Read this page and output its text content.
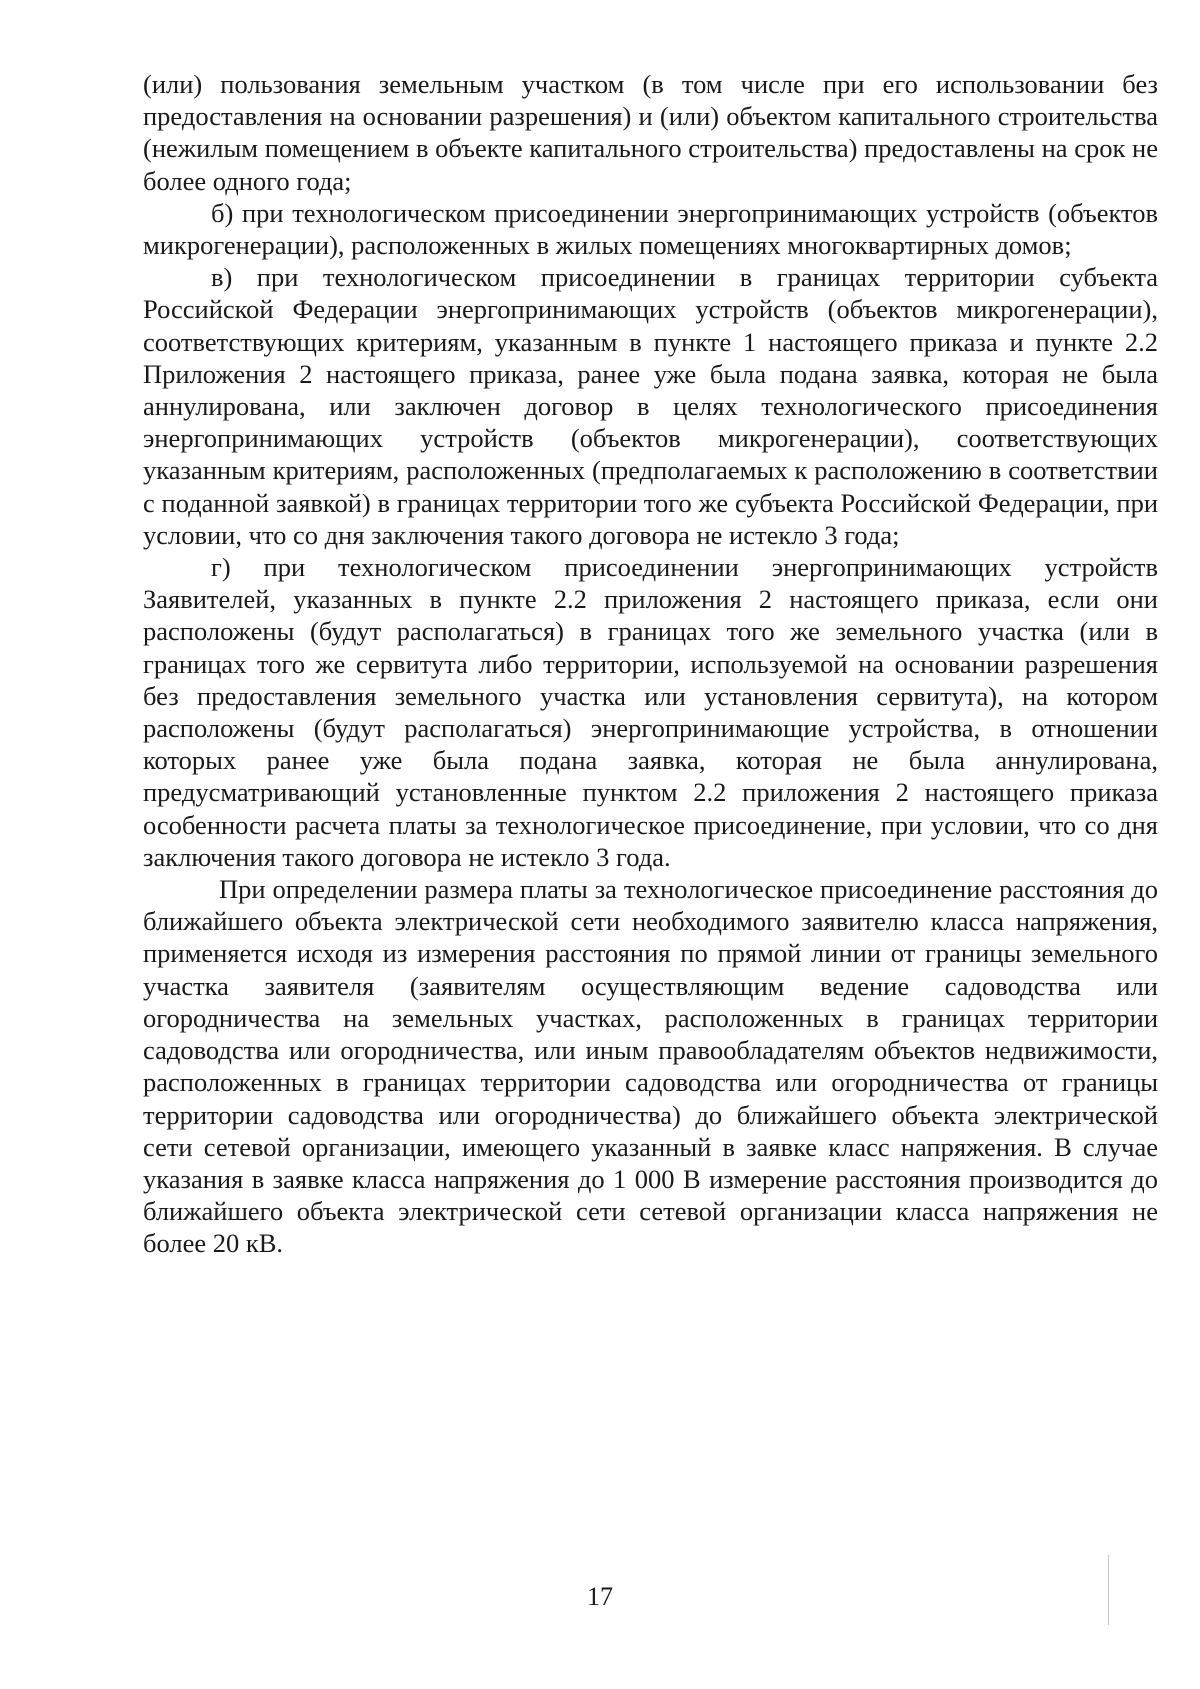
(или) пользования земельным участком (в том числе при его использовании без предоставления на основании разрешения) и (или) объектом капитального строительства (нежилым помещением в объекте капитального строительства) предоставлены на срок не более одного года;

б) при технологическом присоединении энергопринимающих устройств (объектов микрогенерации), расположенных в жилых помещениях многоквартирных домов;

в) при технологическом присоединении в границах территории субъекта Российской Федерации энергопринимающих устройств (объектов микрогенерации), соответствующих критериям, указанным в пункте 1 настоящего приказа и пункте 2.2 Приложения 2 настоящего приказа, ранее уже была подана заявка, которая не была аннулирована, или заключен договор в целях технологического присоединения энергопринимающих устройств (объектов микрогенерации), соответствующих указанным критериям, расположенных (предполагаемых к расположению в соответствии с поданной заявкой) в границах территории того же субъекта Российской Федерации, при условии, что со дня заключения такого договора не истекло 3 года;

г) при технологическом присоединении энергопринимающих устройств Заявителей, указанных в пункте 2.2 приложения 2 настоящего приказа, если они расположены (будут располагаться) в границах того же земельного участка (или в границах того же сервитута либо территории, используемой на основании разрешения без предоставления земельного участка или установления сервитута), на котором расположены (будут располагаться) энергопринимающие устройства, в отношении которых ранее уже была подана заявка, которая не была аннулирована, предусматривающий установленные пунктом 2.2 приложения 2 настоящего приказа особенности расчета платы за технологическое присоединение, при условии, что со дня заключения такого договора не истекло 3 года.

При определении размера платы за технологическое присоединение расстояния до ближайшего объекта электрической сети необходимого заявителю класса напряжения, применяется исходя из измерения расстояния по прямой линии от границы земельного участка заявителя (заявителям осуществляющим ведение садоводства или огородничества на земельных участках, расположенных в границах территории садоводства или огородничества, или иным правообладателям объектов недвижимости, расположенных в границах территории садоводства или огородничества от границы территории садоводства или огородничества) до ближайшего объекта электрической сети сетевой организации, имеющего указанный в заявке класс напряжения. В случае указания в заявке класса напряжения до 1 000 В измерение расстояния производится до ближайшего объекта электрической сети сетевой организации класса напряжения не более 20 кВ.

17
